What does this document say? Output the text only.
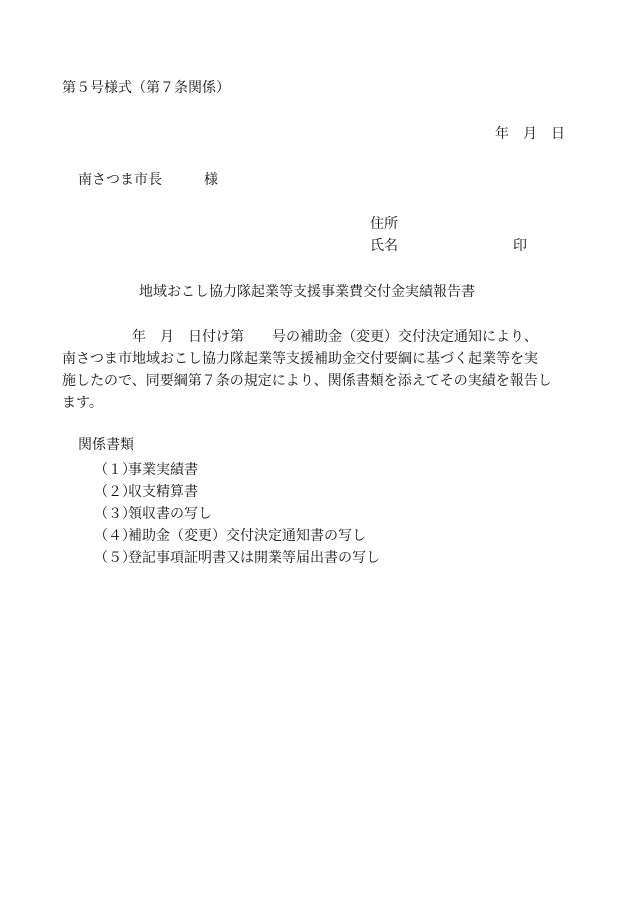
第５号様式（第７条関係）
年　月　日
南さつま市長　　　様
住所
氏名	印
地域おこし協力隊起業等支援事業費交付金実績報告書
　　　　　年　月　日付け第　　号の補助金（変更）交付決定通知により、
南さつま市地域おこし協力隊起業等支援補助金交付要綱に基づく起業等を実
施したので、同要綱第７条の規定により、関係書類を添えてその実績を報告し
ます。
関係書類
（１）事業実績書
（２）収支精算書
（３）領収書の写し
（４）補助金（変更）交付決定通知書の写し
（５）登記事項証明書又は開業等届出書の写し
